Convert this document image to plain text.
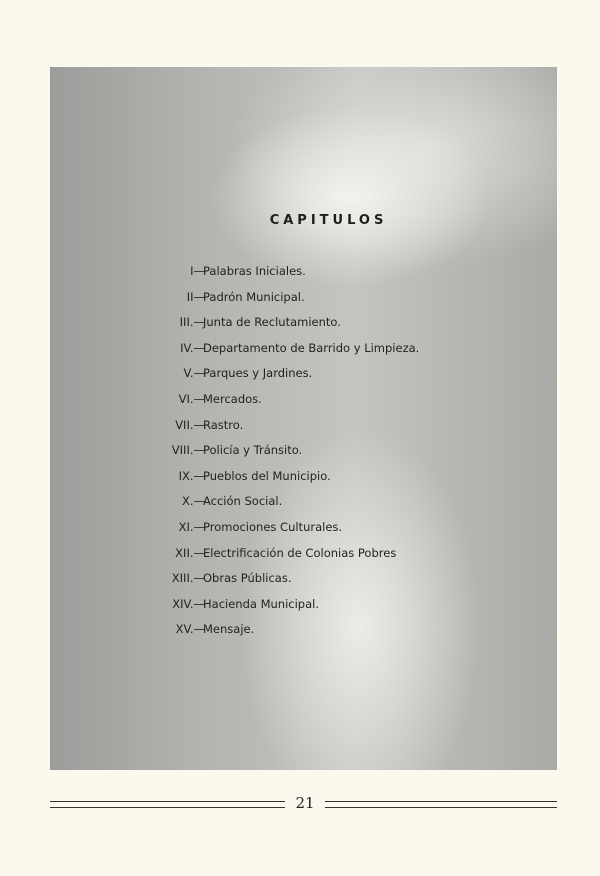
CAPITULOS
I—
Palabras Iniciales.
II—
Padrón Municipal.
III.—
Junta de Reclutamiento.
IV.—
Departamento de Barrido y Limpieza.
V.—
Parques y Jardines.
VI.—
Mercados.
VII.—
Rastro.
VIII.—
Policía y Tránsito.
IX.—
Pueblos del Municipio.
X.—
Acción Social.
XI.—
Promociones Culturales.
XII.—
Electrificación de Colonias Pobres
XIII.—
Obras Públicas.
XIV.—
Hacienda Municipal.
XV.—
Mensaje.
21
